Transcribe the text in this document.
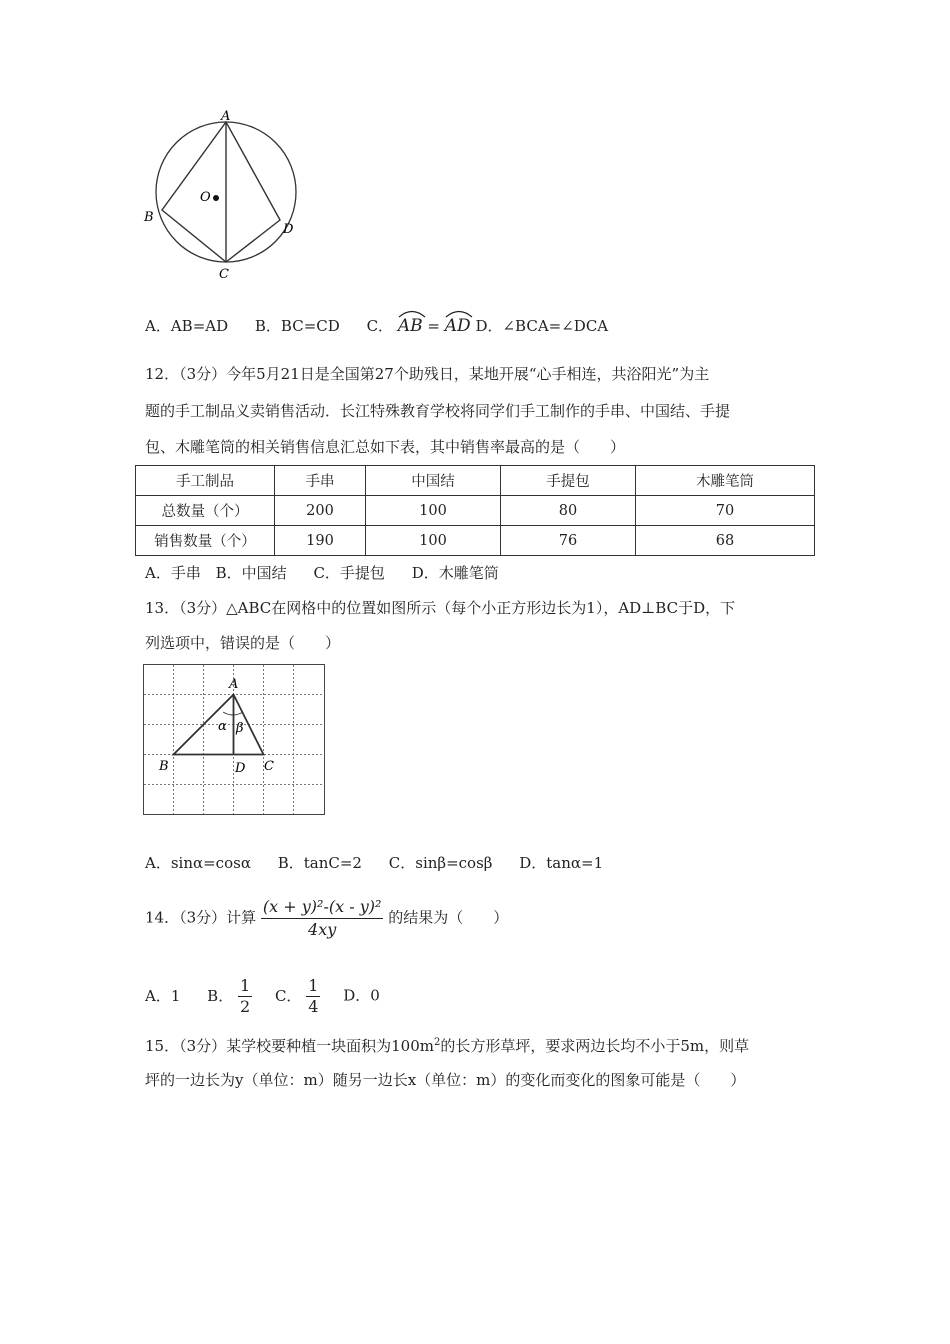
A
B
C
D
O
A．AB=AD B．BC=CD C． AB = AD D．∠BCA=∠DCA
12．（3分）今年5月21日是全国第27个助残日，某地开展“心手相连，共浴阳光”为主
题的手工制品义卖销售活动．长江特殊教育学校将同学们手工制作的手串、中国结、手提
包、木雕笔筒的相关销售信息汇总如下表，其中销售率最高的是（　　）
手工制品	手串	中国结	手提包	木雕笔筒
总数量（个）	200	100	80	70
销售数量（个）	190	100	76	68
A．手串 B．中国结 C．手提包 D．木雕笔筒
13．（3分）△ABC在网格中的位置如图所示（每个小正方形边长为1），AD⊥BC于D，下
列选项中，错误的是（　　）
A
B	D C
α β
A．sinα=cosα B．tanC=2 C．sinβ=cosβ D．tanα=1
14．（3分）计算 $\frac{\text{(x + y)²-(x - y)²}}{4xy}$ 的结果为（　　）
A．1 B． $\frac{1}{2}$ C． $\frac{1}{4}$ D．0
15．（3分）某学校要种植一块面积为$100m^2$的长方形草坪，要求两边长均不小于5m，则草
坪的一边长为y（单位：m）随另一边长x（单位：m）的变化而变化的图象可能是（　　）
